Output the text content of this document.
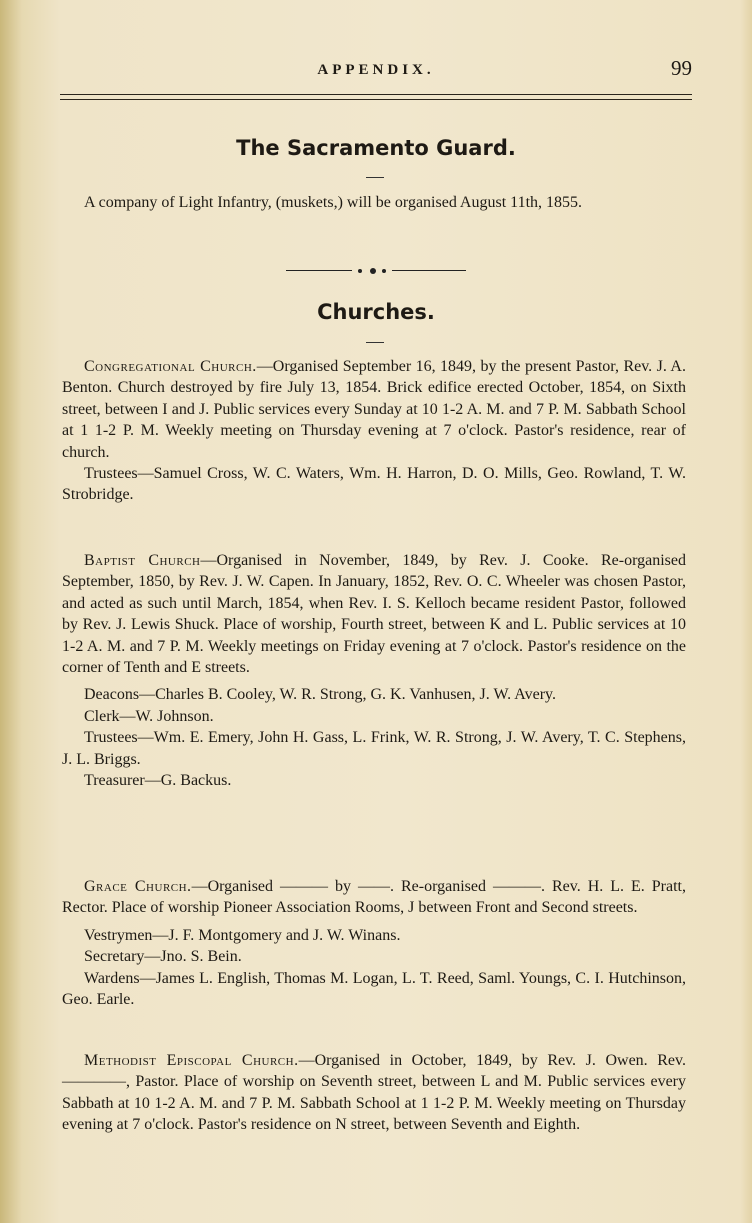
APPENDIX.	99
The Sacramento Guard.

A company of Light Infantry, (muskets,) will be organised August 11th, 1855.

Churches.

Congregational Church.—Organised September 16, 1849, by the present Pastor, Rev. J. A. Benton. Church destroyed by fire July 13, 1854. Brick edifice erected October, 1854, on Sixth street, between I and J. Public services every Sunday at 10 1-2 A. M. and 7 P. M. Sabbath School at 1 1-2 P. M. Weekly meeting on Thursday evening at 7 o'clock. Pastor's residence, rear of church.

Trustees—Samuel Cross, W. C. Waters, Wm. H. Harron, D. O. Mills, Geo. Rowland, T. W. Strobridge.

Baptist Church—Organised in November, 1849, by Rev. J. Cooke. Re-organised September, 1850, by Rev. J. W. Capen. In January, 1852, Rev. O. C. Wheeler was chosen Pastor, and acted as such until March, 1854, when Rev. I. S. Kelloch became resident Pastor, followed by Rev. J. Lewis Shuck. Place of worship, Fourth street, between K and L. Public services at 10 1-2 A. M. and 7 P. M. Weekly meetings on Friday evening at 7 o'clock. Pastor's residence on the corner of Tenth and E streets.

Deacons—Charles B. Cooley, W. R. Strong, G. K. Vanhusen, J. W. Avery.

Clerk—W. Johnson.

Trustees—Wm. E. Emery, John H. Gass, L. Frink, W. R. Strong, J. W. Avery, T. C. Stephens, J. L. Briggs.

Treasurer—G. Backus.

Grace Church.—Organised ——— by ——. Re-organised ———. Rev. H. L. E. Pratt, Rector. Place of worship Pioneer Association Rooms, J between Front and Second streets.

Vestrymen—J. F. Montgomery and J. W. Winans.

Secretary—Jno. S. Bein.

Wardens—James L. English, Thomas M. Logan, L. T. Reed, Saml. Youngs, C. I. Hutchinson, Geo. Earle.

Methodist Episcopal Church.—Organised in October, 1849, by Rev. J. Owen. Rev. ————, Pastor. Place of worship on Seventh street, between L and M. Public services every Sabbath at 10 1-2 A. M. and 7 P. M. Sabbath School at 1 1-2 P. M. Weekly meeting on Thursday evening at 7 o'clock. Pastor's residence on N street, between Seventh and Eighth.
